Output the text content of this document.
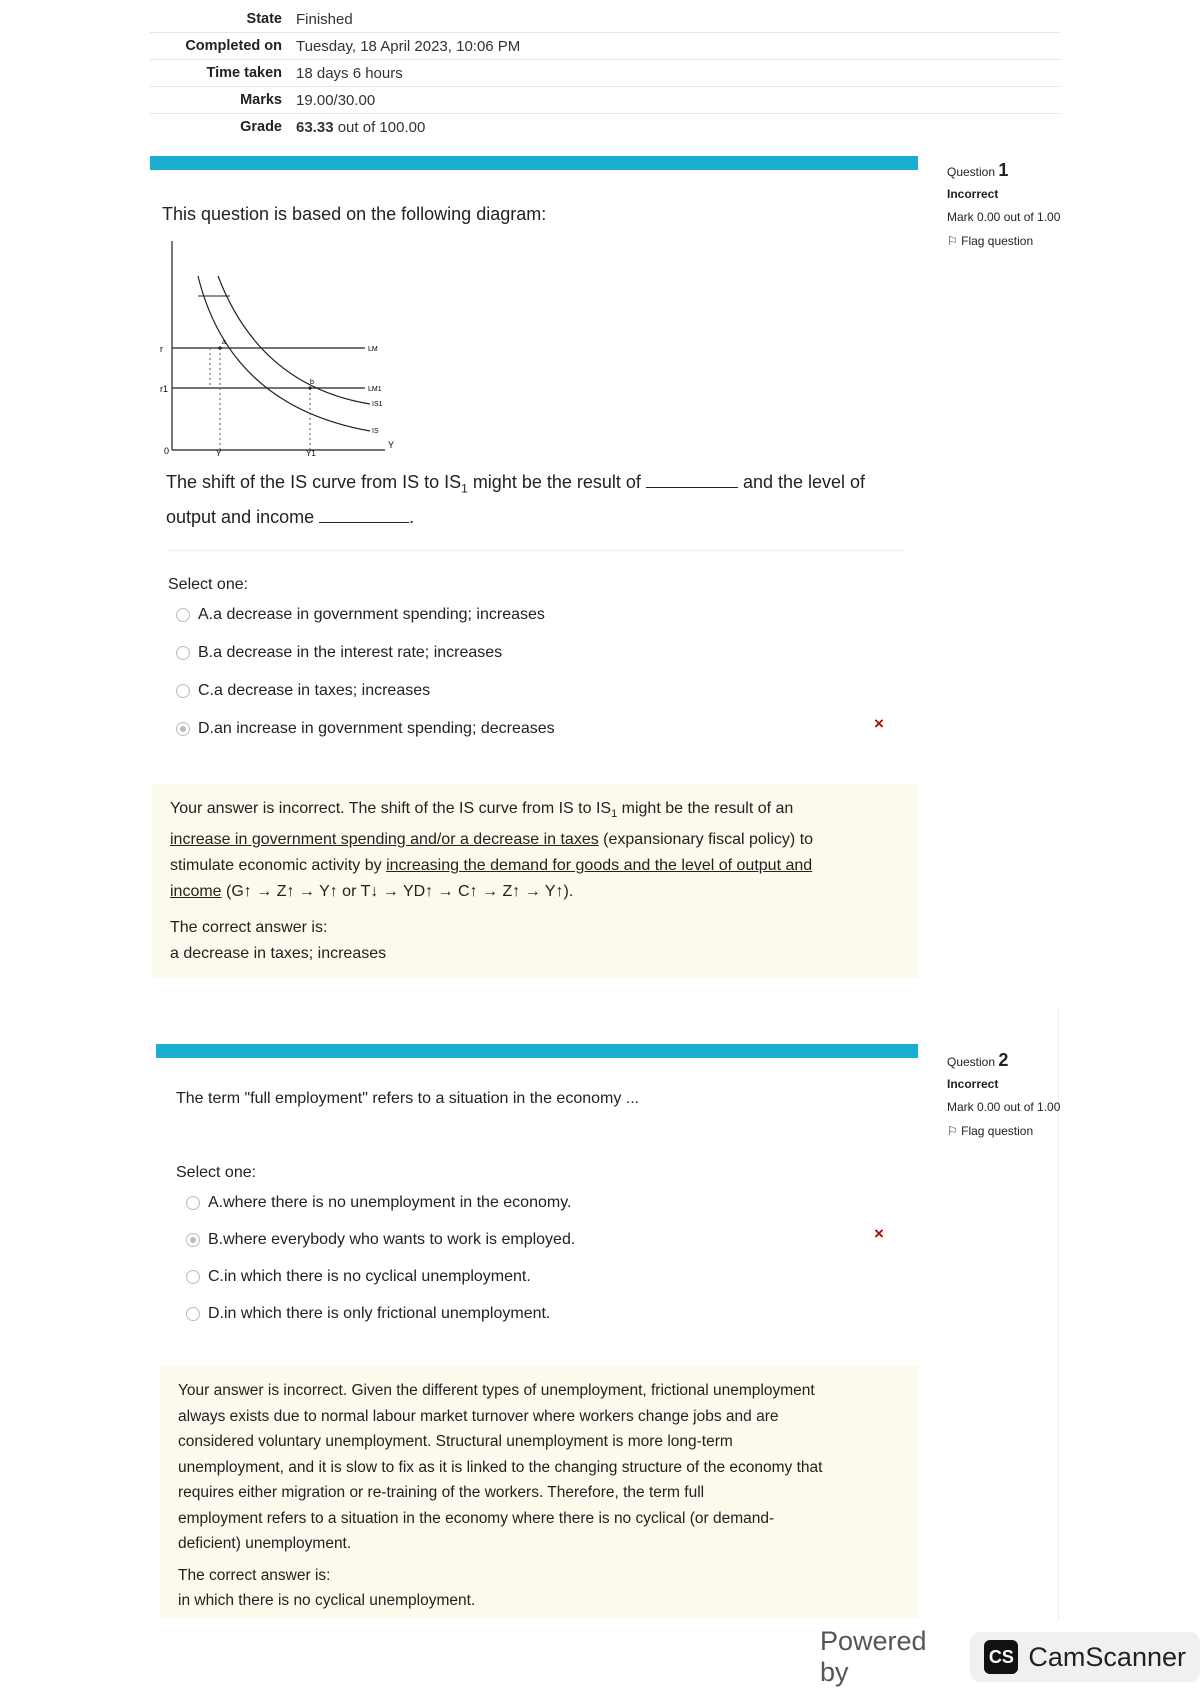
State Finished
Completed on Tuesday, 18 April 2023, 10:06 PM
Time taken 18 days 6 hours
Marks 19.00/30.00
Grade 63.33 out of 100.00
Question 1
Incorrect
Mark 0.00 out of 1.00
⚐ Flag question
This question is based on the following diagram:
r
r1
Y
0	Y	Y1
a
b
LM
LM1
IS1
IS
The shift of the IS curve from IS to $IS_1$ might be the result of	and the level of
output and income	.
Select one:
A. a decrease in government spending; increases
B. a decrease in the interest rate; increases
C. a decrease in taxes; increases
D. an increase in government spending; decreases	×
Your answer is incorrect. The shift of the IS curve from IS to $IS_1$ might be the result of an
increase in government spending and/or a decrease in taxes (expansionary fiscal policy) to
stimulate economic activity by increasing the demand for goods and the level of output and
income (G↑ → Z↑ → Y↑ or T↓ → YD↑ → C↑ → Z↑ → Y↑).
The correct answer is:
a decrease in taxes; increases
Question 2
Incorrect
Mark 0.00 out of 1.00
⚐ Flag question
The term "full employment" refers to a situation in the economy ...
Select one:
A. where there is no unemployment in the economy.
B. where everybody who wants to work is employed.
C. in which there is no cyclical unemployment.
D. in which there is only frictional unemployment.
×
Your answer is incorrect. Given the different types of unemployment, frictional unemployment
always exists due to normal labour market turnover where workers change jobs and are
considered voluntary unemployment. Structural unemployment is more long-term
unemployment, and it is slow to fix as it is linked to the changing structure of the economy that
requires either migration or re-training of the workers. Therefore, the term full
employment refers to a situation in the economy where there is no cyclical (or demand-
deficient) unemployment.
The correct answer is:
in which there is no cyclical unemployment.
Powered by
CS CamScanner
